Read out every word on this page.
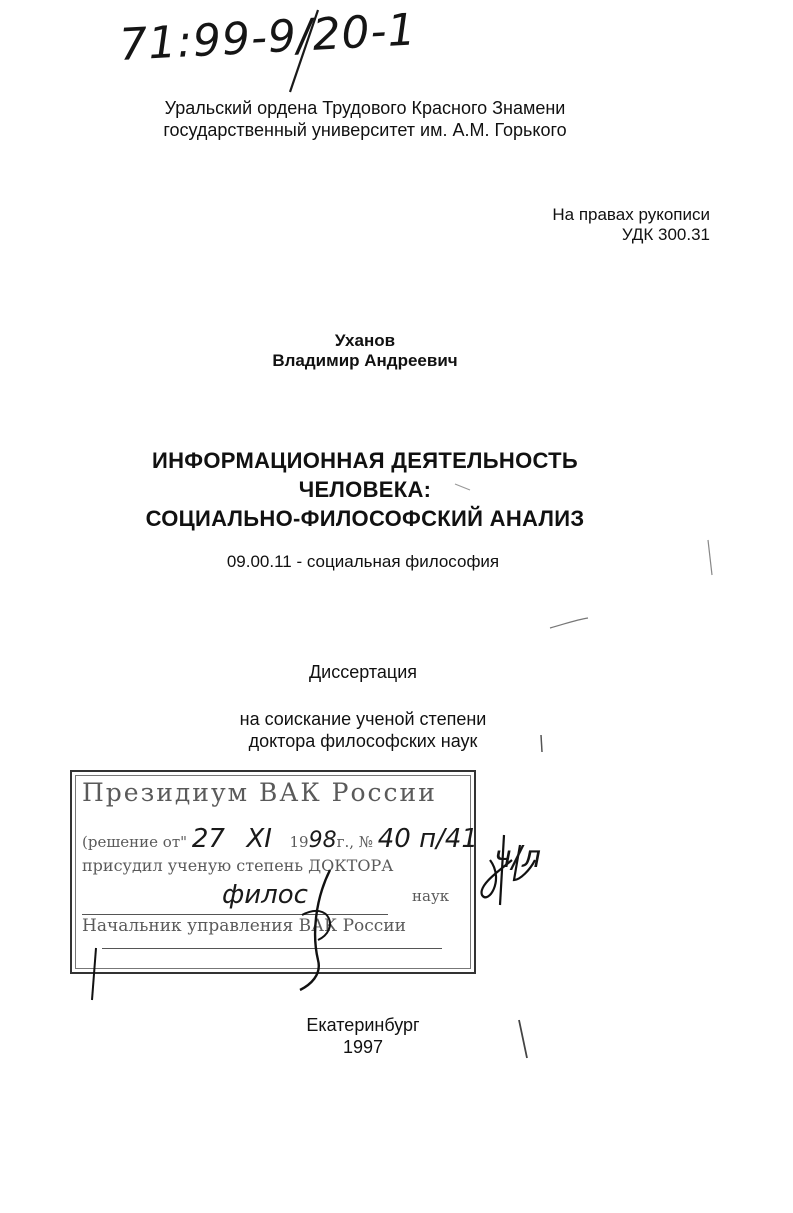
71:99-9/20-1
Уральский ордена Трудового Красного Знамени
государственный университет им. А.М. Горького
На правах рукописи
УДК 300.31
Уханов
Владимир Андреевич
ИНФОРМАЦИОННАЯ ДЕЯТЕЛЬНОСТЬ
ЧЕЛОВЕКА:
СОЦИАЛЬНО-ФИЛОСОФСКИЙ АНАЛИЗ
09.00.11 - социальная философия
Диссертация
на соискание ученой степени
доктора философских наук
Президиум ВАК России
(решение от" 27 XI 1998г., № 40 п/41
присудил ученую степень ДОКТОРА
филос	наук
Начальник управления ВАК России
Екатеринбург
1997
ч/л
